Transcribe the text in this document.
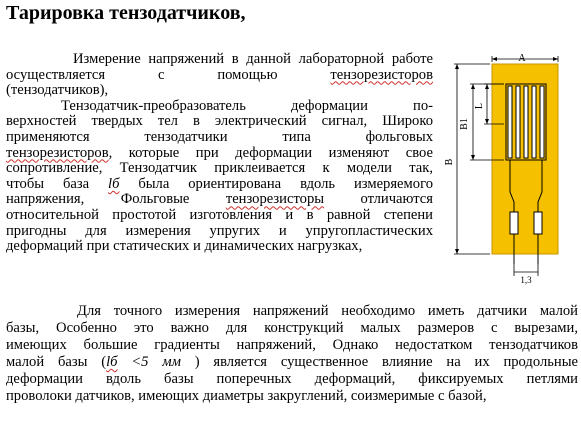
Тарировка тензодатчиков,
Измерение напряжений в данной лабораторной работе
осуществляется с помощью тензорезисторов
(тензодатчиков),
Тензодатчик-преобразователь деформации по-
верхностей твердых тел в электрический сигнал, Широко
применяются тензодатчики типа фольговых
тензорезисторов, которые при деформации изменяют свое
сопротивление, Тензодатчик приклеивается к модели так,
чтобы база lб была ориентирована вдоль измеряемого
напряжения, Фольговые тензорезисторы отличаются
относительной простотой изготовления и в равной степени
пригодны для измерения упругих и упругопластических
деформаций при статических и динамических нагрузках,
A
B
B1
L
1,3
Для точного измерения напряжений необходимо иметь датчики малой
базы, Особенно это важно для конструкций малых размеров с вырезами,
имеющих большие градиенты напряжений, Однако недостатком тензодатчиков
малой базы (lб <5 мм ) является существенное влияние на их продольные
деформации вдоль базы поперечных деформаций, фиксируемых петлями
проволоки датчиков, имеющих диаметры закруглений, соизмеримые с базой,
